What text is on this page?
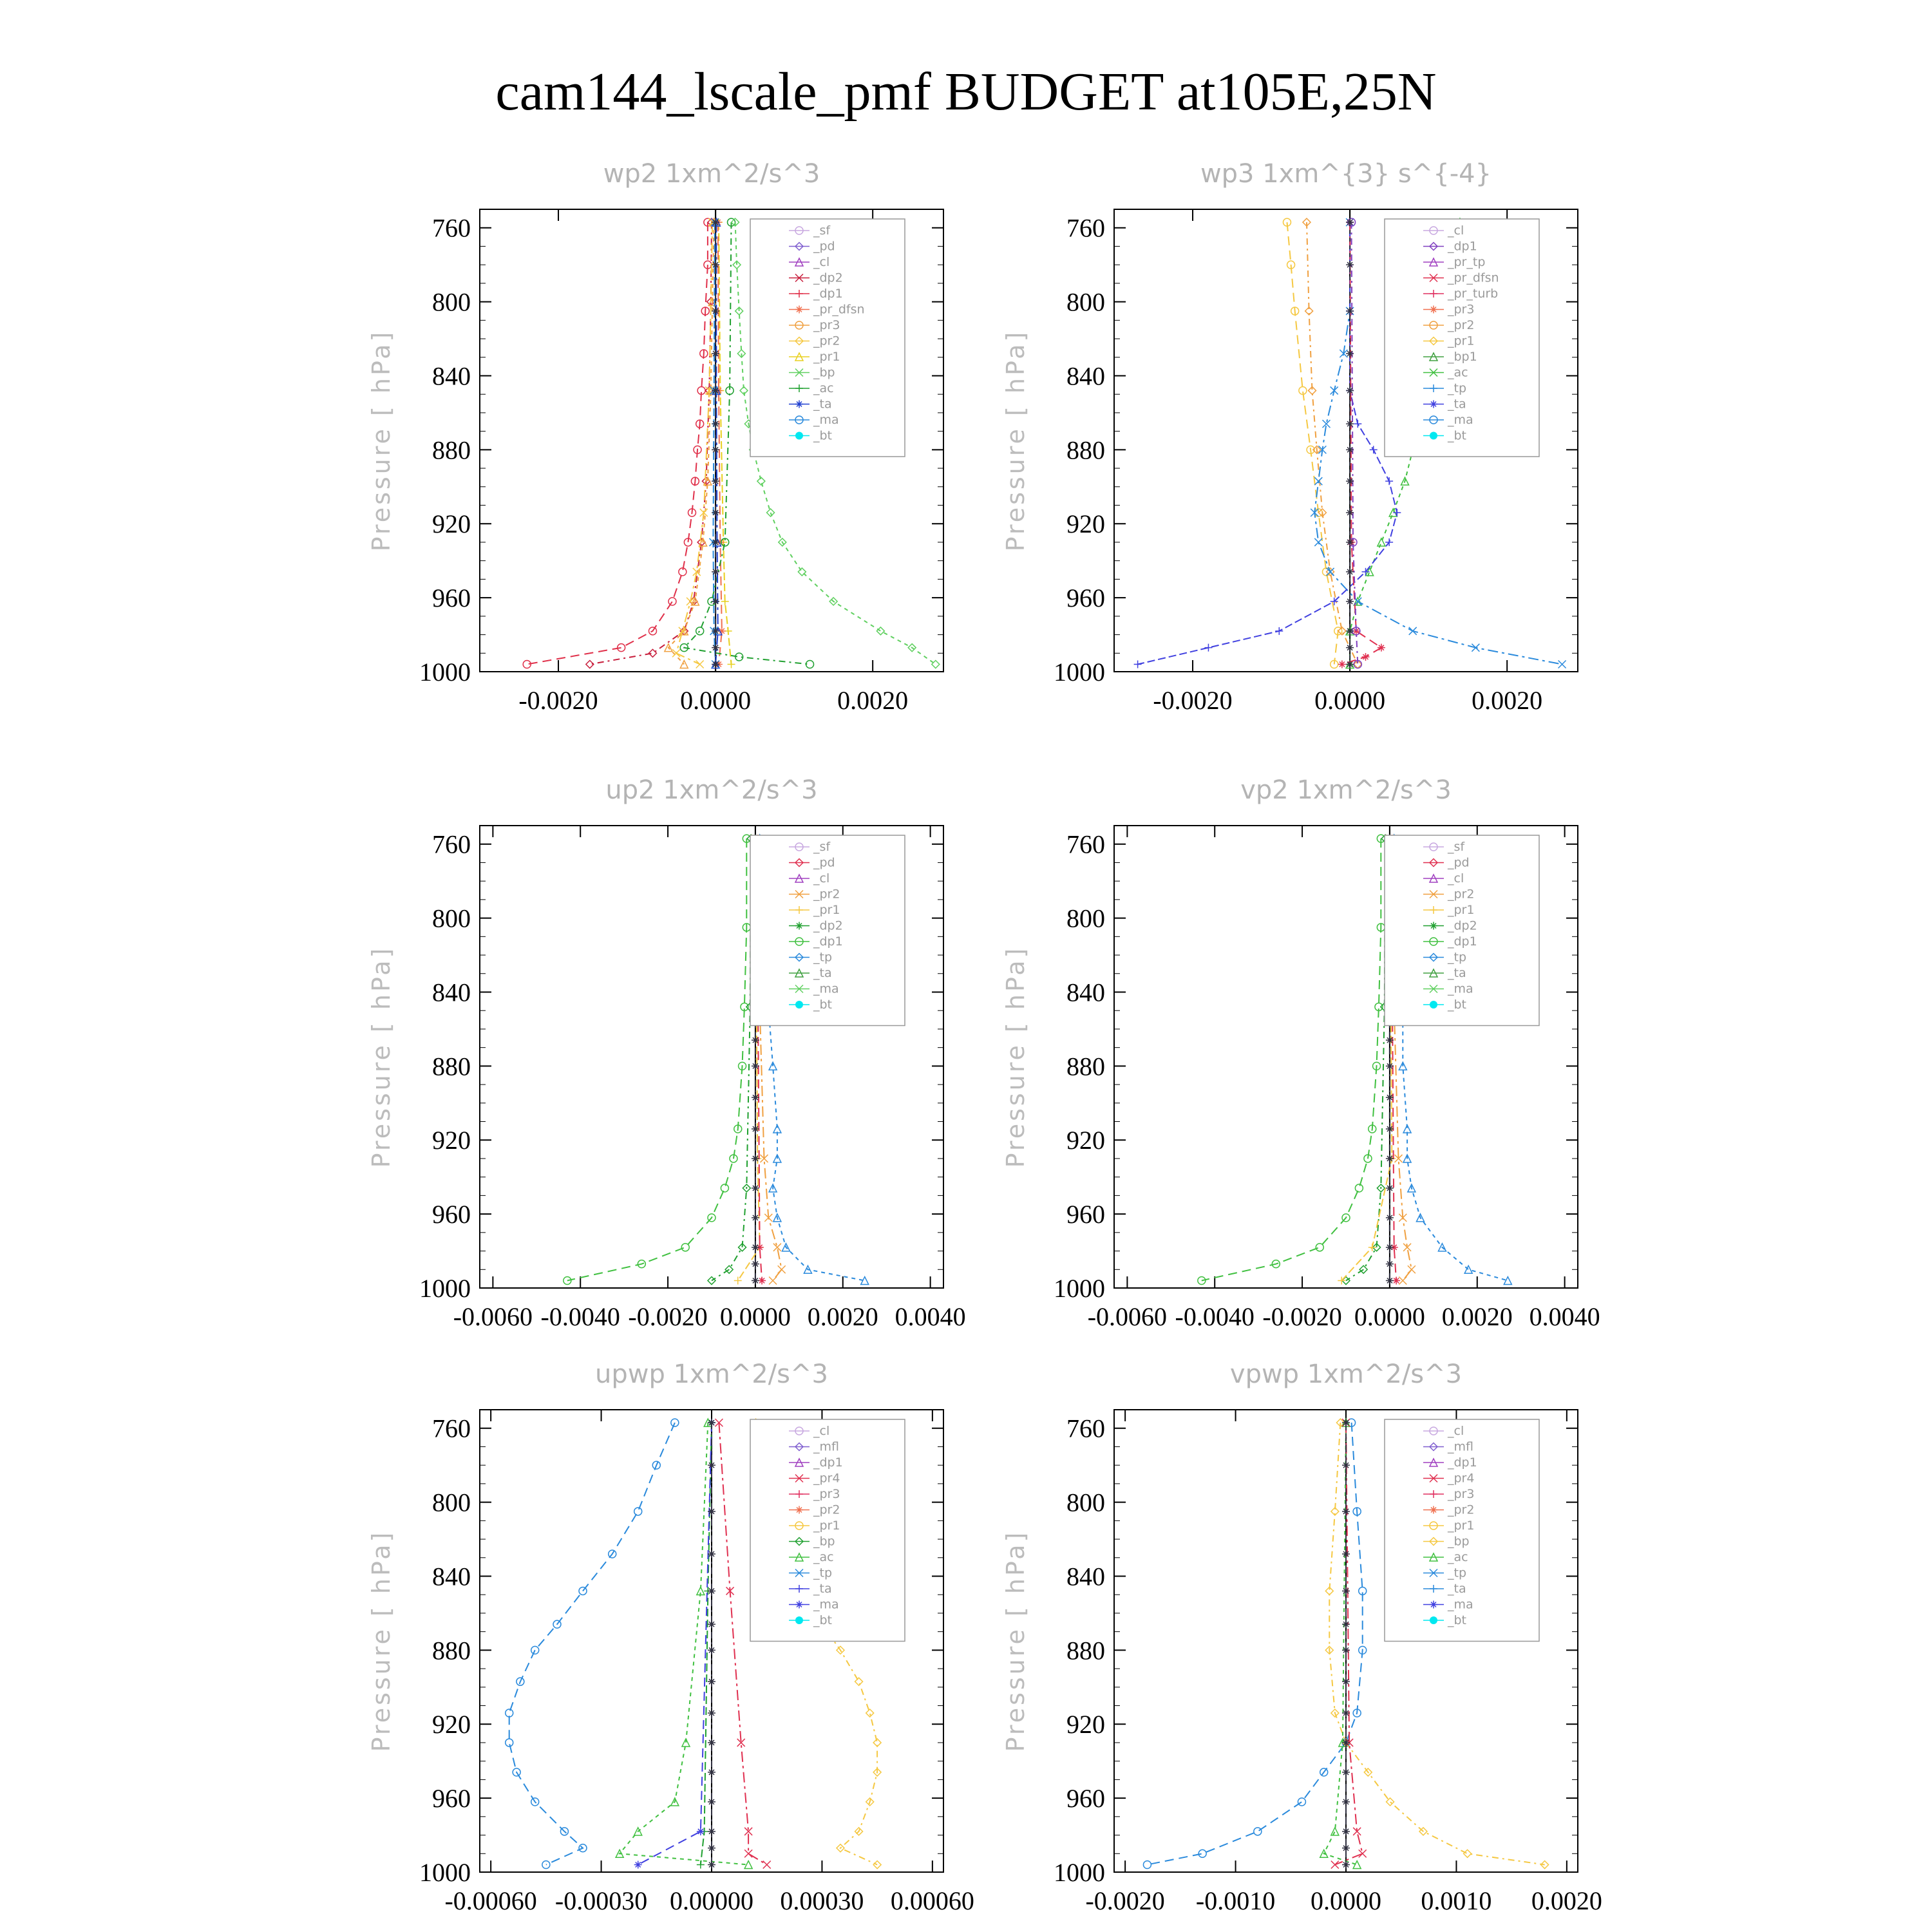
cam144_lscale_pmf BUDGET at105E,25N
wp2 1xm^2/s^3
Pressure [ hPa]
760
800
840
880
920
960
1000
-0.0020	0.0000	0.0020
_sf
_pd
_cl
_dp2
_dp1
_pr_dfsn
_pr3
_pr2
_pr1
_bp
_ac
_ta
_ma
_bt
wp3 1xm^{3} s^{-4}
Pressure [ hPa]
760
800
840
880
920
960
1000
-0.0020	0.0000	0.0020
_cl
_dp1
_pr_tp
_pr_dfsn
_pr_turb
_pr3
_pr2
_pr1
_bp1
_ac
_tp
_ta
_ma
_bt
up2 1xm^2/s^3
Pressure [ hPa]
760
800
840
880
920
960
1000
-0.0060 -0.0040 -0.0020 0.0000 0.0020 0.0040
_sf
_pd
_cl
_pr2
_pr1
_dp2
_dp1
_tp
_ta
_ma
_bt
vp2 1xm^2/s^3
Pressure [ hPa]
760
800
840
880
920
960
1000
-0.0060 -0.0040 -0.0020 0.0000 0.0020 0.0040
_sf
_pd
_cl
_pr2
_pr1
_dp2
_dp1
_tp
_ta
_ma
_bt
upwp 1xm^2/s^3
Pressure [ hPa]
760
800
840
880
920
960
1000
-0.00060 -0.00030 0.00000 0.00030 0.00060
_cl
_mfl
_dp1
_pr4
_pr3
_pr2
_pr1
_bp
_ac
_tp
_ta
_ma
_bt
vpwp 1xm^2/s^3
Pressure [ hPa]
760
800
840
880
920
960
1000
-0.0020 -0.0010 0.0000 0.0010 0.0020
_cl
_mfl
_dp1
_pr4
_pr3
_pr2
_pr1
_bp
_ac
_tp
_ta
_ma
_bt
